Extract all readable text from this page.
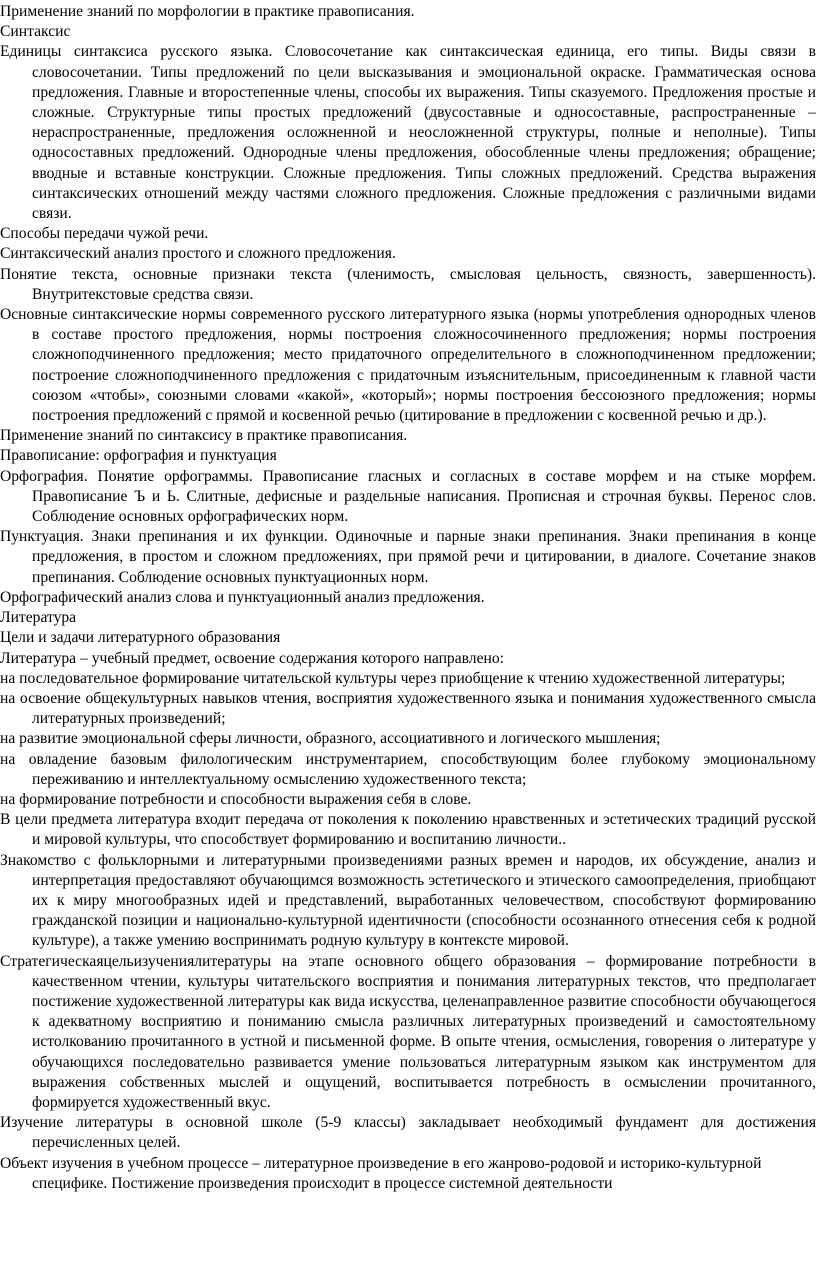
Применение знаний по морфологии в практике правописания.

Синтаксис

Единицы синтаксиса русского языка. Словосочетание как синтаксическая единица, его типы. Виды связи в словосочетании. Типы предложений по цели высказывания и эмоциональной окраске. Грамматическая основа предложения. Главные и второстепенные члены, способы их выражения. Типы сказуемого. Предложения простые и сложные. Структурные типы простых предложений (двусоставные и односоставные, распространенные – нераспространенные, предложения осложненной и неосложненной структуры, полные и неполные). Типы односоставных предложений. Однородные члены предложения, обособленные члены предложения; обращение; вводные и вставные конструкции. Сложные предложения. Типы сложных предложений. Средства выражения синтаксических отношений между частями сложного предложения. Сложные предложения с различными видами связи.

Способы передачи чужой речи.

Синтаксический анализ простого и сложного предложения.

Понятие текста, основные признаки текста (членимость, смысловая цельность, связность, завершенность). Внутритекстовые средства связи.

Основные синтаксические нормы современного русского литературного языка (нормы употребления однородных членов в составе простого предложения, нормы построения сложносочиненного предложения; нормы построения сложноподчиненного предложения; место придаточного определительного в сложноподчиненном предложении; построение сложноподчиненного предложения с придаточным изъяснительным, присоединенным к главной части союзом «чтобы», союзными словами «какой», «который»; нормы построения бессоюзного предложения; нормы построения предложений с прямой и косвенной речью (цитирование в предложении с косвенной речью и др.).

Применение знаний по синтаксису в практике правописания.

Правописание: орфография и пунктуация

Орфография. Понятие орфограммы. Правописание гласных и согласных в составе морфем и на стыке морфем. Правописание Ъ и Ь. Слитные, дефисные и раздельные написания. Прописная и строчная буквы. Перенос слов. Соблюдение основных орфографических норм.

Пунктуация. Знаки препинания и их функции. Одиночные и парные знаки препинания. Знаки препинания в конце предложения, в простом и сложном предложениях, при прямой речи и цитировании, в диалоге. Сочетание знаков препинания. Соблюдение основных пунктуационных норм.

Орфографический анализ слова и пунктуационный анализ предложения.

Литература

Цели и задачи литературного образования

Литература – учебный предмет, освоение содержания которого направлено:

на последовательное формирование читательской культуры через приобщение к чтению художественной литературы;

на освоение общекультурных навыков чтения, восприятия художественного языка и понимания художественного смысла литературных произведений;

на развитие эмоциональной сферы личности, образного, ассоциативного и логического мышления;

на овладение базовым филологическим инструментарием, способствующим более глубокому эмоциональному переживанию и интеллектуальному осмыслению художественного текста;

на формирование потребности и способности выражения себя в слове.

В цели предмета литература входит передача от поколения к поколению нравственных и эстетических традиций русской и мировой культуры, что способствует формированию и воспитанию личности..

Знакомство с фольклорными и литературными произведениями разных времен и народов, их обсуждение, анализ и интерпретация предоставляют обучающимся возможность эстетического и этического самоопределения, приобщают их к миру многообразных идей и представлений, выработанных человечеством, способствуют формированию гражданской позиции и национально-культурной идентичности (способности осознанного отнесения себя к родной культуре), а также умению воспринимать родную культуру в контексте мировой.

Стратегическаяцельизучениялитературы на этапе основного общего образования – формирование потребности в качественном чтении, культуры читательского восприятия и понимания литературных текстов, что предполагает постижение художественной литературы как вида искусства, целенаправленное развитие способности обучающегося к адекватному восприятию и пониманию смысла различных литературных произведений и самостоятельному истолкованию прочитанного в устной и письменной форме. В опыте чтения, осмысления, говорения о литературе у обучающихся последовательно развивается умение пользоваться литературным языком как инструментом для выражения собственных мыслей и ощущений, воспитывается потребность в осмыслении прочитанного, формируется художественный вкус.

Изучение литературы в основной школе (5-9 классы) закладывает необходимый фундамент для достижения перечисленных целей.

Объект изучения в учебном процессе – литературное произведение в его жанрово-родовой и историко-культурной специфике. Постижение произведения происходит в процессе системной деятельности
